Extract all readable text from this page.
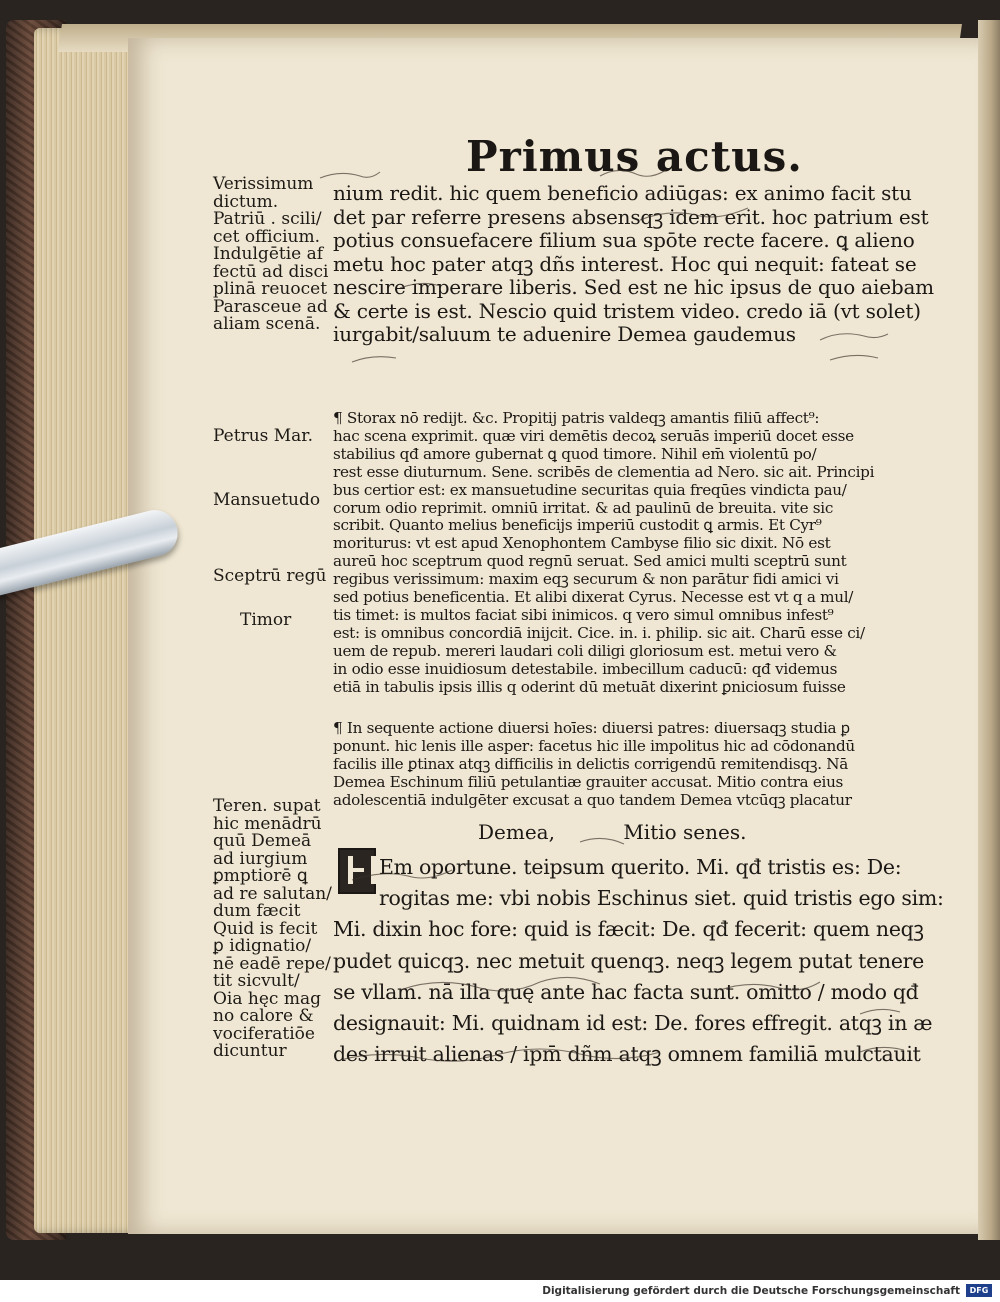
Primus actus.
Verissimum
dictum.
Patriū . scili/
cet officium.
Indulgētie af
fectū ad disci
plinā reuocet
Parasceue ad
aliam scenā.
Petrus Mar.
Mansuetudo
Sceptrū regū
Timor
Teren. supat
hic menādrū
quū Demeā
ad iurgium
ꝑmptiorē ꝗ
ad re salutan/
dum fæcit
Quid is fecit
ꝑ idignatio/
nē eadē repe/
tit sicvult/
Oia hęc mag
no calore &
vociferatiōe
dicuntur
nium redit. hic quem beneficio adiūgas: ex animo facit stu
det par referre presens absensqꝫ idem erit. hoc patrium est
potius consuefacere filium sua spōte recte facere. ꝗ alieno
metu hoc pater atqꝫ dñs interest. Hoc qui nequit: fateat se
nescire imperare liberis. Sed est ne hic ipsus de quo aiebam
& certe is est. Nescio quid tristem video. credo iā (vt solet)
iurgabit/saluum te aduenire Demea gaudemus
¶ Storax nō redijt. &c. Propitij patris valdeqꝫ amantis filiū affect⁹:
hac scena exprimit. quæ viri demētis decoꝝ seruās imperiū docet esse
stabilius qđ amore gubernat ꝗ quod timore. Nihil em̄ violentū po/
rest esse diuturnum. Sene. scribēs de clementia ad Nero. sic ait. Principi
bus certior est: ex mansuetudine securitas quia freqūes vindicta pau/
corum odio reprimit. omniū irritat. & ad paulinū de breuita. vite sic
scribit. Quanto melius beneficijs imperiū custodit ꝗ armis. Et Cyr⁹
moriturus: vt est apud Xenophontem Cambyse filio sic dixit. Nō est
aureū hoc sceptrum quod regnū seruat. Sed amici multi sceptrū sunt
regibus verissimum: maxim eqꝫ securum & non parātur fidi amici vi
sed potius beneficentia. Et alibi dixerat Cyrus. Necesse est vt q a mul/
tis timet: is multos faciat sibi inimicos. q vero simul omnibus infest⁹
est: is omnibus concordiā inijcit. Cice. in. i. philip. sic ait. Charū esse ci/
uem de repub. mereri laudari coli diligi gloriosum est. metui vero &
in odio esse inuidiosum detestabile. imbecillum caducū: qđ videmus
etiā in tabulis ipsis illis q oderint dū metuāt dixerint ꝑniciosum fuisse
¶ In sequente actione diuersi hoīes: diuersi patres: diuersaqꝫ studia ꝑ
ponunt. hic lenis ille asper: facetus hic ille impolitus hic ad cōdonandū
facilis ille ꝑtinax atqꝫ difficilis in delictis corrigendū remitendisqꝫ. Nā
Demea Eschinum filiū petulantiæ grauiter accusat. Mitio contra eius
adolescentiā indulgēter excusat a quo tandem Demea vtcūqꝫ placatur
Demea,	Mitio senes.
Em oportune. teipsum querito. Mi. qđ tristis es: De:
rogitas me: vbi nobis Eschinus siet. quid tristis ego sim:
Mi. dixin hoc fore: quid is fæcit: De. qđ fecerit: quem neqꝫ
pudet quicqꝫ. nec metuit quenqꝫ. neqꝫ legem putat tenere
se vllam. nā illa quę ante hac facta sunt. omitto / modo qđ
designauit: Mi. quidnam id est: De. fores effregit. atqꝫ in æ
des irruit alienas / ipm̄ dñm atqꝫ omnem familiā mulctauit
Digitalisierung gefördert durch die Deutsche Forschungsgemeinschaft	DFG
